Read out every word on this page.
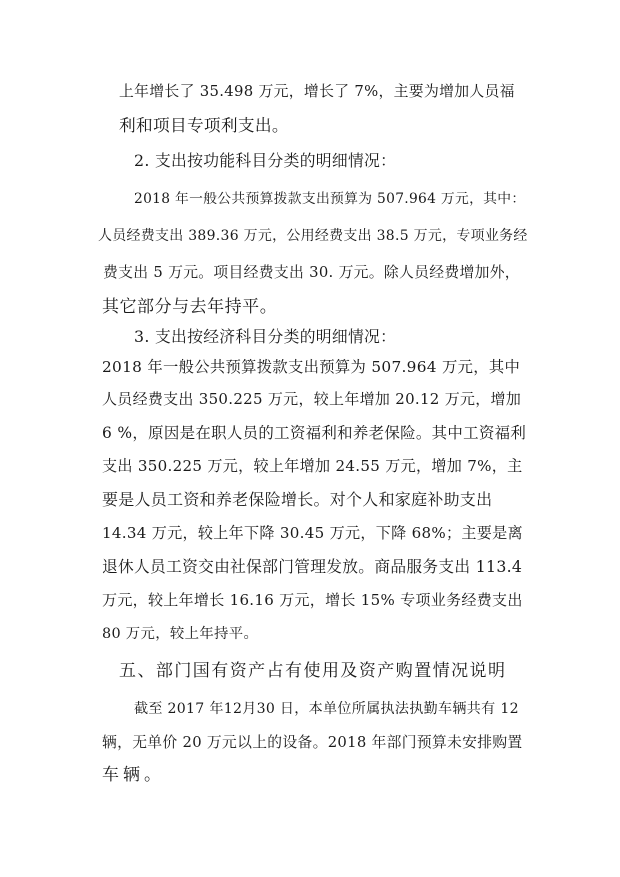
上年增长了 35.498 万元，增长了 7%，主要为增加人员福
利和项目专项利支出。
2. 支出按功能科目分类的明细情况：
2018 年一般公共预算拨款支出预算为 507.964 万元，其中：
人员经费支出 389.36 万元，公用经费支出 38.5 万元，专项业务经
费支出 5 万元。项目经费支出 30. 万元。除人员经费增加外，
其它部分与去年持平。
3. 支出按经济科目分类的明细情况：
2018 年一般公共预算拨款支出预算为 507.964 万元，其中
人员经费支出 350.225 万元，较上年增加 20.12 万元，增加
6 %，原因是在职人员的工资福利和养老保险。其中工资福利
支出 350.225 万元，较上年增加 24.55 万元，增加 7%，主
要是人员工资和养老保险增长。对个人和家庭补助支出
14.34 万元，较上年下降 30.45 万元，下降 68%；主要是离
退休人员工资交由社保部门管理发放。商品服务支出 113.4
万元，较上年增长 16.16 万元，增长 15% 专项业务经费支出
80 万元，较上年持平。
五、部门国有资产占有使用及资产购置情况说明
截至 2017 年12月30 日，本单位所属执法执勤车辆共有 12
辆，无单价 20 万元以上的设备。2018 年部门预算未安排购置
车辆。
